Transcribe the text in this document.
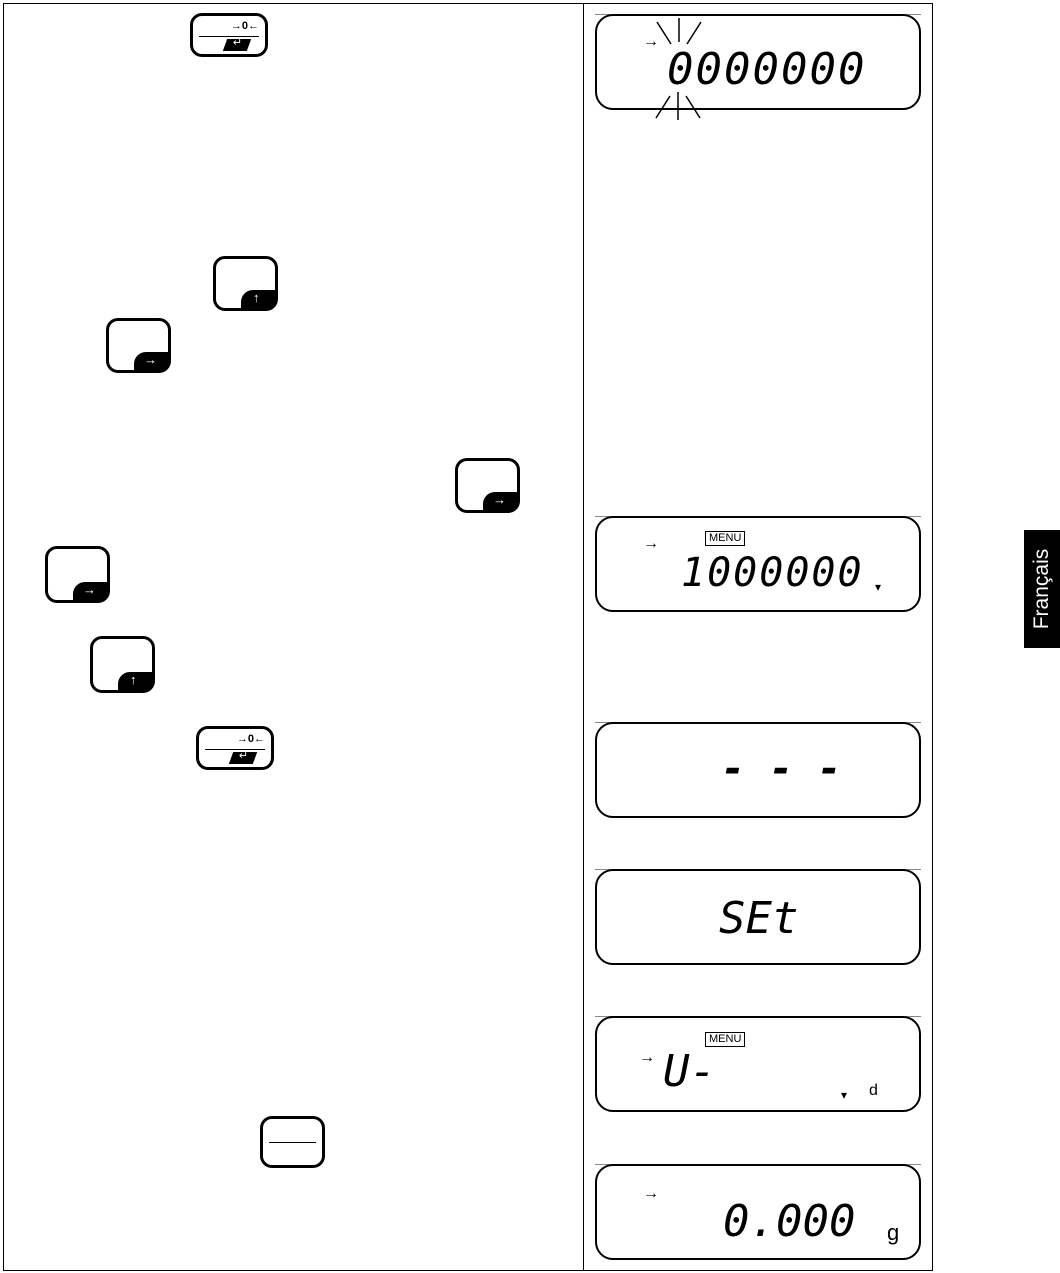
→0←
↵
↑
→
→
→
↑
→0←
↵
→
0000000
→	MENU
1000000 ▾
- - -
SEt
→
MENU
U-	▾ d
→
0.000 g
Français
